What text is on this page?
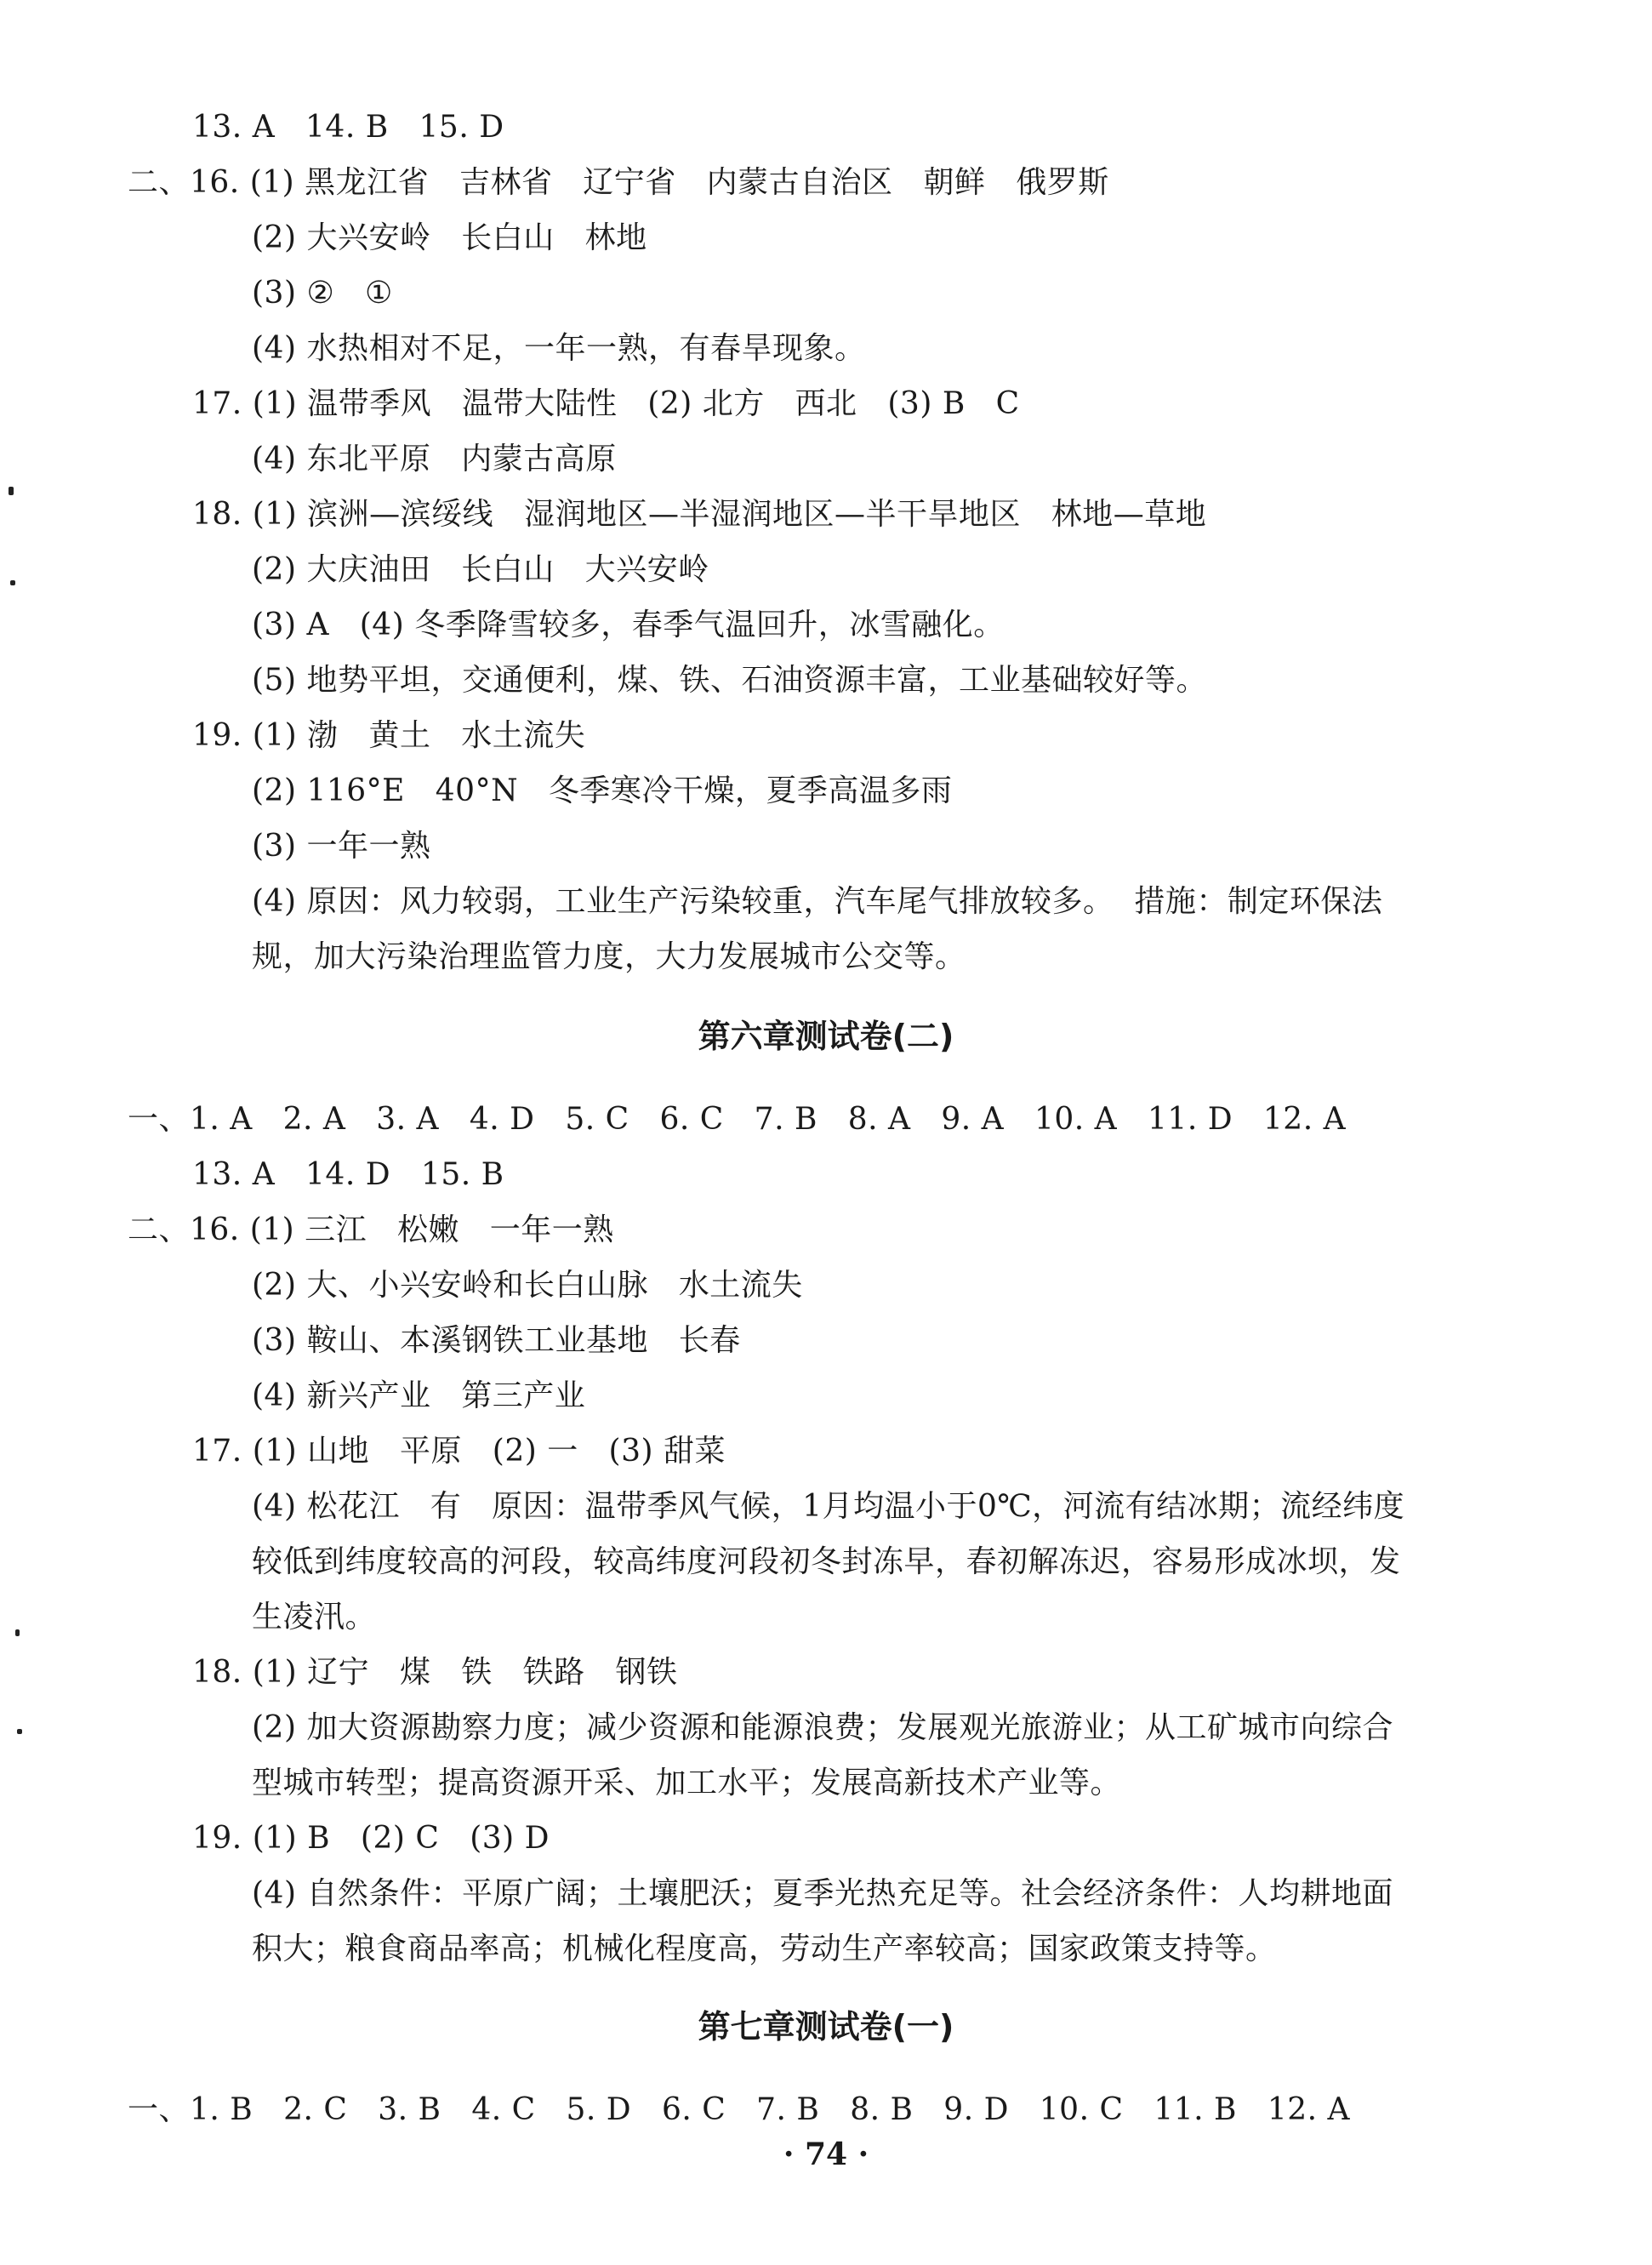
13. A   14. B   15. D
二、16. (1) 黑龙江省   吉林省   辽宁省   内蒙古自治区   朝鲜   俄罗斯
(2) 大兴安岭   长白山   林地
(3) ②   ①
(4) 水热相对不足，一年一熟，有春旱现象。
17. (1) 温带季风   温带大陆性   (2) 北方   西北   (3) B   C
(4) 东北平原   内蒙古高原
18. (1) 滨洲—滨绥线   湿润地区—半湿润地区—半干旱地区   林地—草地
(2) 大庆油田   长白山   大兴安岭
(3) A   (4) 冬季降雪较多，春季气温回升，冰雪融化。
(5) 地势平坦，交通便利，煤、铁、石油资源丰富，工业基础较好等。
19. (1) 渤   黄土   水土流失
(2) 116°E   40°N   冬季寒冷干燥，夏季高温多雨
(3) 一年一熟
(4) 原因：风力较弱，工业生产污染较重，汽车尾气排放较多。  措施：制定环保法
规，加大污染治理监管力度，大力发展城市公交等。
第六章测试卷(二)
一、1. A   2. A   3. A   4. D   5. C   6. C   7. B   8. A   9. A   10. A   11. D   12. A
13. A   14. D   15. B
二、16. (1) 三江   松嫩   一年一熟
(2) 大、小兴安岭和长白山脉   水土流失
(3) 鞍山、本溪钢铁工业基地   长春
(4) 新兴产业   第三产业
17. (1) 山地   平原   (2) 一   (3) 甜菜
(4) 松花江   有   原因：温带季风气候，1月均温小于0℃，河流有结冰期；流经纬度
较低到纬度较高的河段，较高纬度河段初冬封冻早，春初解冻迟，容易形成冰坝，发
生凌汛。
18. (1) 辽宁   煤   铁   铁路   钢铁
(2) 加大资源勘察力度；减少资源和能源浪费；发展观光旅游业；从工矿城市向综合
型城市转型；提高资源开采、加工水平；发展高新技术产业等。
19. (1) B   (2) C   (3) D
(4) 自然条件：平原广阔；土壤肥沃；夏季光热充足等。社会经济条件：人均耕地面
积大；粮食商品率高；机械化程度高，劳动生产率较高；国家政策支持等。
第七章测试卷(一)
一、1. B   2. C   3. B   4. C   5. D   6. C   7. B   8. B   9. D   10. C   11. B   12. A
· 74 ·
